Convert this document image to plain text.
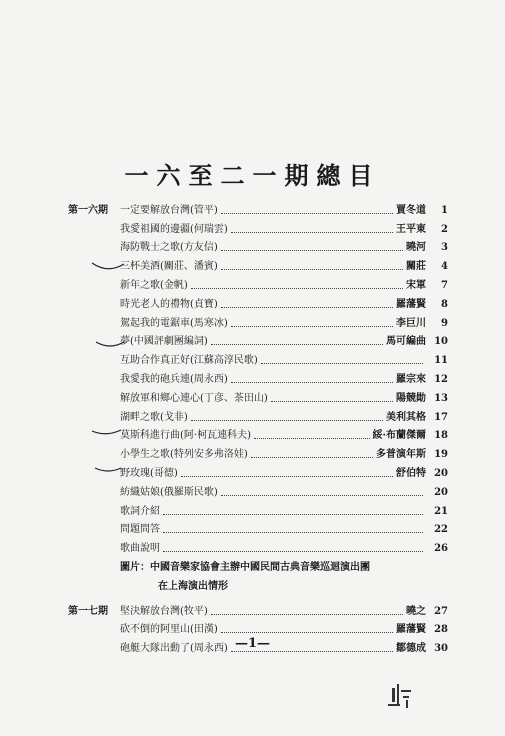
一六至二一期總目
第一六期	一定要解放台灣(管平)	賈冬道	1
我愛祖國的邊疆(何瑞雲)	王平東	2
海防戰士之歌(方友信)	曉河	3
三杯美酒(關莊、潘賓)	關莊	4
新年之歌(金帆)	宋軍	7
時光老人的禮物(貞寶)	羅藩賢	8
駕起我的電鋸車(馬寒冰)	李巨川	9
夢(中國評劇團編詞)	馬可編曲 10
互助合作真正好(江蘇高淳民歌)	11
我愛我的砲兵連(周永西)	羅宗來 12
解放軍和鄉心連心(丁彦、茶田山)	陽競勛 13
湖畔之歌(戈非)	美利其格 17
莫斯科進行曲(阿·柯瓦連科夫)	綏·布蘭傑爾 18
小學生之歌(特列安多弗洛娃)	多普演年斯 19
野玫瑰(哥德)	舒伯特 20
紡織姑娘(俄羅斯民歌)	20
歌詞介紹	21
問題問答	22
歌曲說明	26
圖片：中國音樂家協會主辦中國民間古典音樂巡迴演出團
在上海演出情形
第一七期	堅決解放台灣(牧平)	曉之 27
砍不倒的阿里山(田漢)	羅藩賢 28
砲艇大隊出動了(周永西)	鄒德成 30
—1—
